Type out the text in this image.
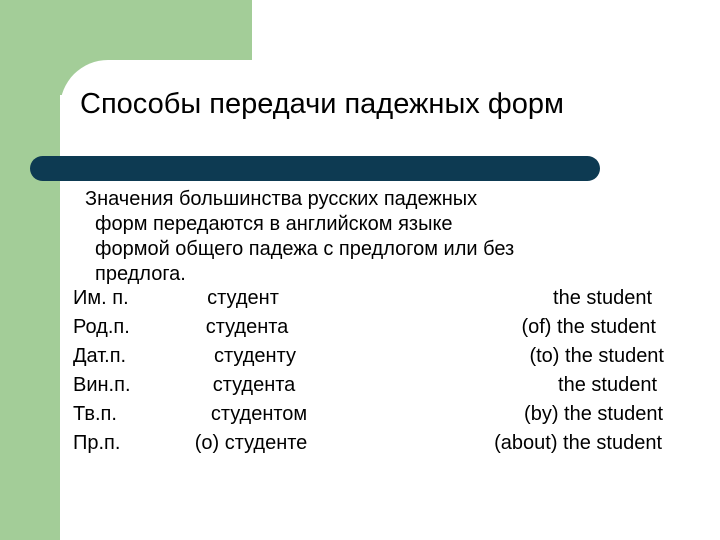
Способы передачи падежных форм
Значения большинства русских падежных
форм передаются в английском языке
формой общего падежа с предлогом или без
предлога.
Им. п.	студент	the student
Род.п.	студента	(of) the student
Дат.п.	студенту	(to) the student
Вин.п.	студента	the student
Тв.п.	студентом	(by) the student
Пр.п.	(о) студенте	(about) the student
